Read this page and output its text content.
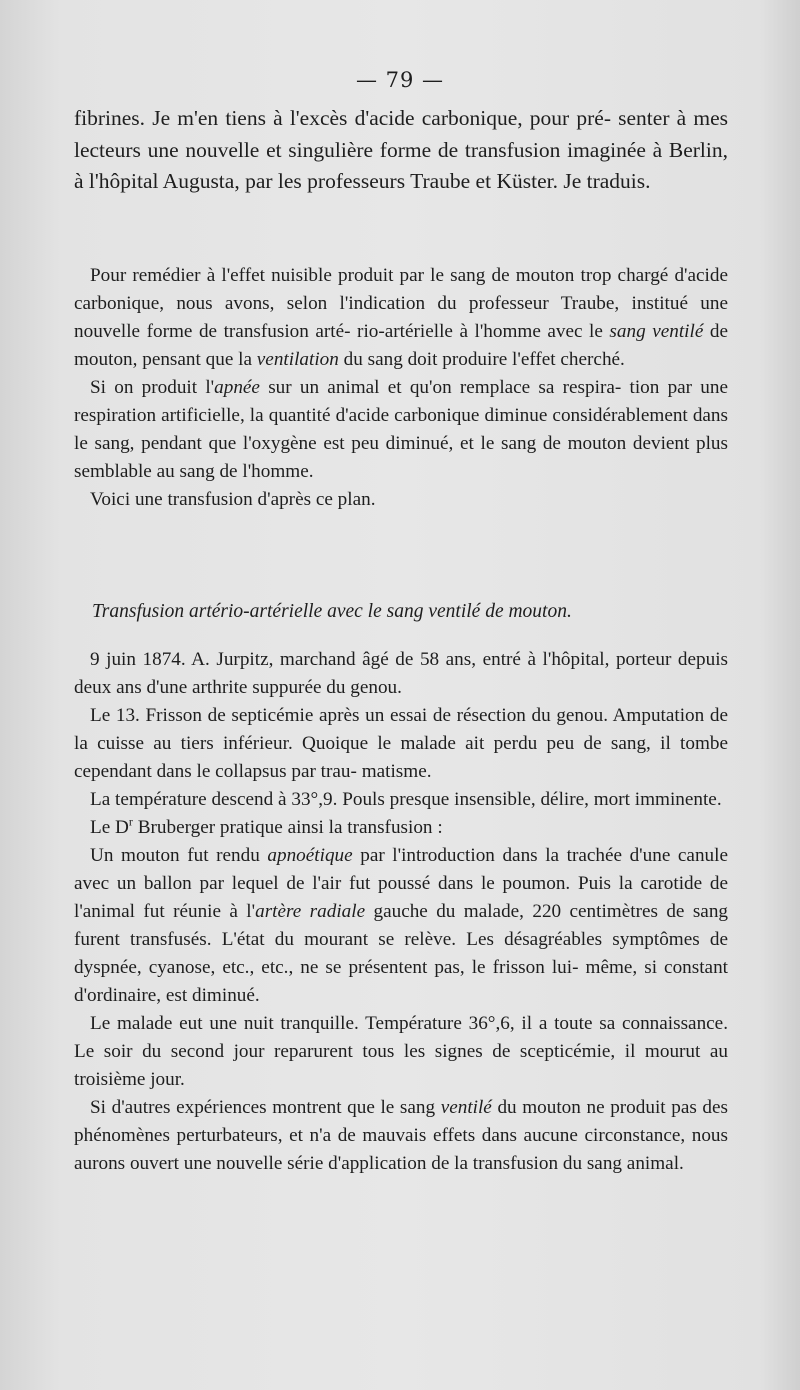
— 79 —

fibrines. Je m'en tiens à l'excès d'acide carbonique, pour pré- senter à mes lecteurs une nouvelle et singulière forme de transfusion imaginée à Berlin, à l'hôpital Augusta, par les professeurs Traube et Küster. Je traduis.

Pour remédier à l'effet nuisible produit par le sang de mouton trop chargé d'acide carbonique, nous avons, selon l'indication du professeur Traube, institué une nouvelle forme de transfusion arté- rio-artérielle à l'homme avec le sang ventilé de mouton, pensant que la ventilation du sang doit produire l'effet cherché.

Si on produit l'apnée sur un animal et qu'on remplace sa respira- tion par une respiration artificielle, la quantité d'acide carbonique diminue considérablement dans le sang, pendant que l'oxygène est peu diminué, et le sang de mouton devient plus semblable au sang de l'homme.

Voici une transfusion d'après ce plan.

Transfusion artério-artérielle avec le sang ventilé de mouton.

9 juin 1874. A. Jurpitz, marchand âgé de 58 ans, entré à l'hôpital, porteur depuis deux ans d'une arthrite suppurée du genou.

Le 13. Frisson de septicémie après un essai de résection du genou. Amputation de la cuisse au tiers inférieur. Quoique le malade ait perdu peu de sang, il tombe cependant dans le collapsus par trau- matisme.

La température descend à 33°,9. Pouls presque insensible, délire, mort imminente.

Le $D^r$ Bruberger pratique ainsi la transfusion :

Un mouton fut rendu apnoétique par l'introduction dans la trachée d'une canule avec un ballon par lequel de l'air fut poussé dans le poumon. Puis la carotide de l'animal fut réunie à l'artère radiale gauche du malade, 220 centimètres de sang furent transfusés. L'état du mourant se relève. Les désagréables symptômes de dyspnée, cyanose, etc., etc., ne se présentent pas, le frisson lui- même, si constant d'ordinaire, est diminué.

Le malade eut une nuit tranquille. Température 36°,6, il a toute sa connaissance. Le soir du second jour reparurent tous les signes de scepticémie, il mourut au troisième jour.

Si d'autres expériences montrent que le sang ventilé du mouton ne produit pas des phénomènes perturbateurs, et n'a de mauvais effets dans aucune circonstance, nous aurons ouvert une nouvelle série d'application de la transfusion du sang animal.
